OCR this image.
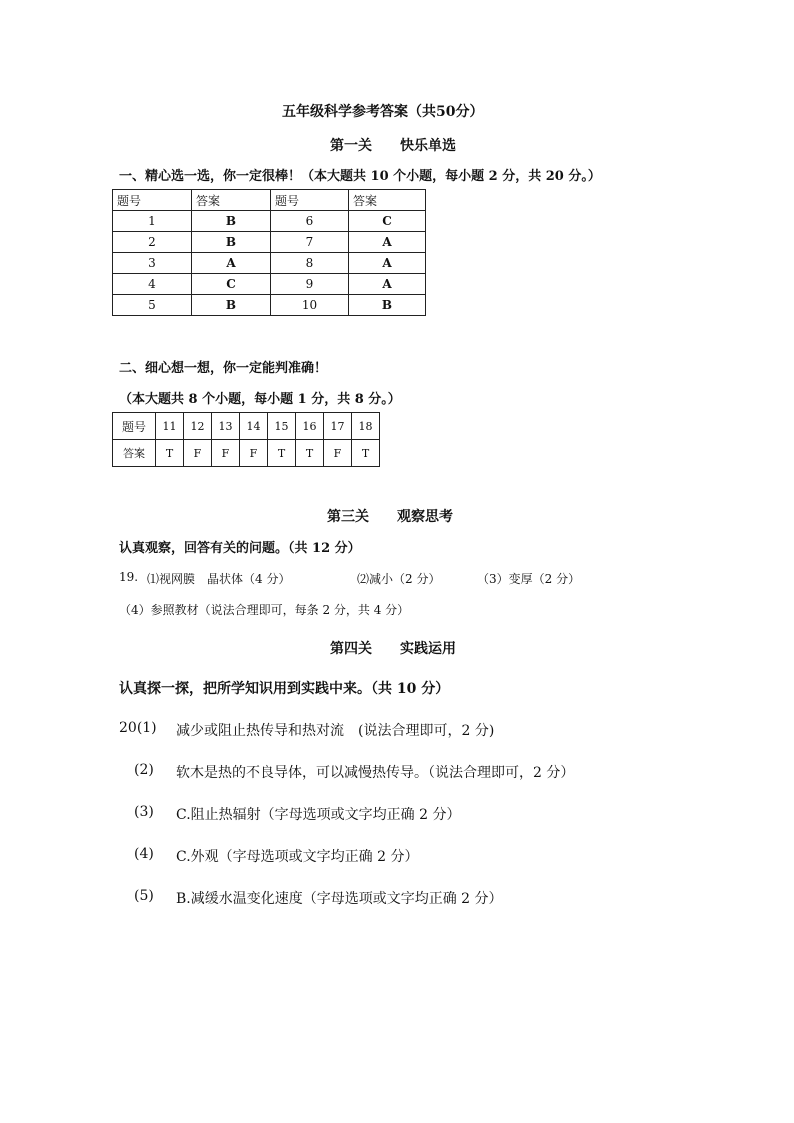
五年级科学参考答案（共50分）
第一关　　快乐单选
一、精心选一选，你一定很棒！（本大题共 10 个小题，每小题 2 分，共 20 分。）
题号	答案	题号	答案
1	B	6	C
2	B	7	A
3	A	8	A
4	C	9	A
5	B	10	B
二、细心想一想，你一定能判准确！
（本大题共 8 个小题，每小题 1 分，共 8 分。）
题号	11	12	13	14	15	16	17	18
答案	T	F	F	F	T	T	F	T
第三关　　观察思考
认真观察，回答有关的问题。（共 12 分）
19. ⑴视网膜　晶状体（4 分）	⑵减小（2 分）	（3）变厚（2 分）
（4）参照教材（说法合理即可，每条 2 分，共 4 分）
第四关　　实践运用
认真探一探，把所学知识用到实践中来。（共 10 分）
20(1) 减少或阻止热传导和热对流　(说法合理即可，2 分)
(2) 软木是热的不良导体，可以减慢热传导。（说法合理即可，2 分）
(3) C.阻止热辐射（字母选项或文字均正确 2 分）
(4) C.外观（字母选项或文字均正确 2 分）
(5) B.减缓水温变化速度（字母选项或文字均正确 2 分）
